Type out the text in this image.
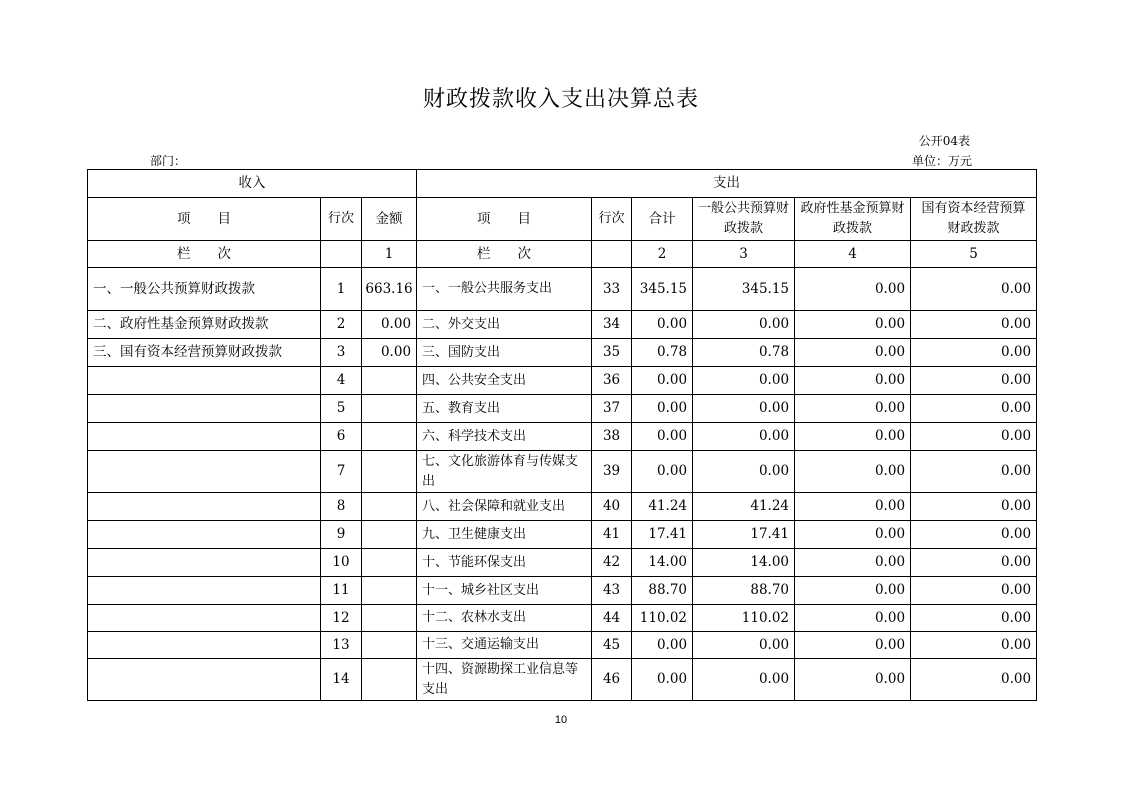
财政拨款收入支出决算总表
公开04表
部门：	单位：万元
收入			支出					
项　　目	行次	金额	项　　目	行次	合计	一般公共预算财政拨款	政府性基金预算财政拨款	国有资本经营预算财政拨款
栏　　次		1	栏　　次		2	3	4	5
一、一般公共预算财政拨款	1	663.16	一、一般公共服务支出	33	345.15	345.15	0.00	0.00
二、政府性基金预算财政拨款	2	0.00	二、外交支出	34	0.00	0.00	0.00	0.00
三、国有资本经营预算财政拨款	3	0.00	三、国防支出	35	0.78	0.78	0.00	0.00
	4		四、公共安全支出	36	0.00	0.00	0.00	0.00
	5		五、教育支出	37	0.00	0.00	0.00	0.00
	6		六、科学技术支出	38	0.00	0.00	0.00	0.00
	7		七、文化旅游体育与传媒支出	39	0.00	0.00	0.00	0.00
	8		八、社会保障和就业支出	40	41.24	41.24	0.00	0.00
	9		九、卫生健康支出	41	17.41	17.41	0.00	0.00
	10		十、节能环保支出	42	14.00	14.00	0.00	0.00
	11		十一、城乡社区支出	43	88.70	88.70	0.00	0.00
	12		十二、农林水支出	44	110.02	110.02	0.00	0.00
	13		十三、交通运输支出	45	0.00	0.00	0.00	0.00
	14		十四、资源勘探工业信息等支出	46	0.00	0.00	0.00	0.00
10
